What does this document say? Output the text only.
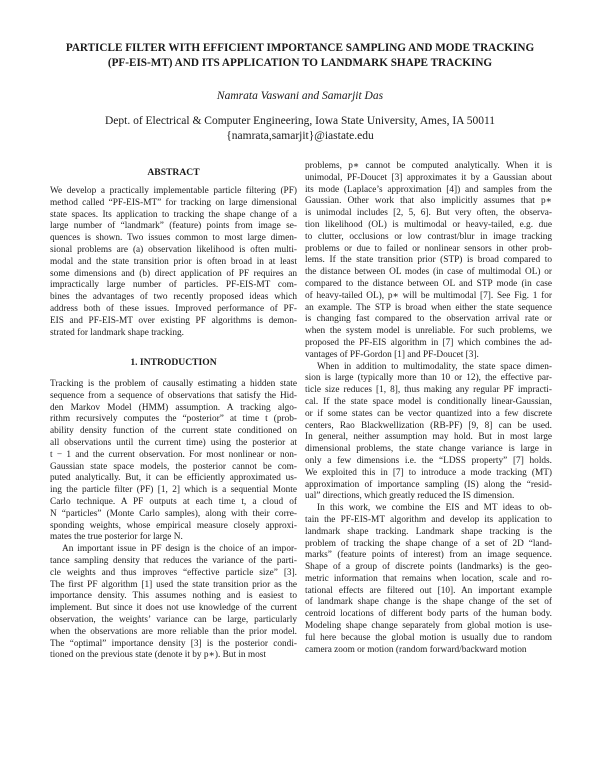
PARTICLE FILTER WITH EFFICIENT IMPORTANCE SAMPLING AND MODE TRACKING
(PF-EIS-MT) AND ITS APPLICATION TO LANDMARK SHAPE TRACKING
Namrata Vaswani and Samarjit Das
Dept. of Electrical & Computer Engineering, Iowa State University, Ames, IA 50011
{namrata,samarjit}@iastate.edu
ABSTRACT
We develop a practically implementable particle filtering (PF)
method called “PF-EIS-MT” for tracking on large dimensional
state spaces. Its application to tracking the shape change of a
large number of “landmark” (feature) points from image se-
quences is shown. Two issues common to most large dimen-
sional problems are (a) observation likelihood is often multi-
modal and the state transition prior is often broad in at least
some dimensions and (b) direct application of PF requires an
impractically large number of particles. PF-EIS-MT com-
bines the advantages of two recently proposed ideas which
address both of these issues. Improved performance of PF-
EIS and PF-EIS-MT over existing PF algorithms is demon-
strated for landmark shape tracking.
1. INTRODUCTION
Tracking is the problem of causally estimating a hidden state
sequence from a sequence of observations that satisfy the Hid-
den Markov Model (HMM) assumption. A tracking algo-
rithm recursively computes the “posterior” at time t (prob-
ability density function of the current state conditioned on
all observations until the current time) using the posterior at
t − 1 and the current observation. For most nonlinear or non-
Gaussian state space models, the posterior cannot be com-
puted analytically. But, it can be efficiently approximated us-
ing the particle filter (PF) [1, 2] which is a sequential Monte
Carlo technique. A PF outputs at each time t, a cloud of
N “particles” (Monte Carlo samples), along with their corre-
sponding weights, whose empirical measure closely approxi-
mates the true posterior for large N.
An important issue in PF design is the choice of an impor-
tance sampling density that reduces the variance of the parti-
cle weights and thus improves “effective particle size” [3].
The first PF algorithm [1] used the state transition prior as the
importance density. This assumes nothing and is easiest to
implement. But since it does not use knowledge of the current
observation, the weights’ variance can be large, particularly
when the observations are more reliable than the prior model.
The “optimal” importance density [3] is the posterior condi-
tioned on the previous state (denote it by p∗). But in most
problems, p∗ cannot be computed analytically. When it is
unimodal, PF-Doucet [3] approximates it by a Gaussian about
its mode (Laplace’s approximation [4]) and samples from the
Gaussian. Other work that also implicitly assumes that p∗
is unimodal includes [2, 5, 6]. But very often, the observa-
tion likelihood (OL) is multimodal or heavy-tailed, e.g. due
to clutter, occlusions or low contrast/blur in image tracking
problems or due to failed or nonlinear sensors in other prob-
lems. If the state transition prior (STP) is broad compared to
the distance between OL modes (in case of multimodal OL) or
compared to the distance between OL and STP mode (in case
of heavy-tailed OL), p∗ will be multimodal [7]. See Fig. 1 for
an example. The STP is broad when either the state sequence
is changing fast compared to the observation arrival rate or
when the system model is unreliable. For such problems, we
proposed the PF-EIS algorithm in [7] which combines the ad-
vantages of PF-Gordon [1] and PF-Doucet [3].
When in addition to multimodality, the state space dimen-
sion is large (typically more than 10 or 12), the effective par-
ticle size reduces [1, 8], thus making any regular PF impracti-
cal. If the state space model is conditionally linear-Gaussian,
or if some states can be vector quantized into a few discrete
centers, Rao Blackwellization (RB-PF) [9, 8] can be used.
In general, neither assumption may hold. But in most large
dimensional problems, the state change variance is large in
only a few dimensions i.e. the “LDSS property” [7] holds.
We exploited this in [7] to introduce a mode tracking (MT)
approximation of importance sampling (IS) along the “resid-
ual” directions, which greatly reduced the IS dimension.
In this work, we combine the EIS and MT ideas to ob-
tain the PF-EIS-MT algorithm and develop its application to
landmark shape tracking. Landmark shape tracking is the
problem of tracking the shape change of a set of 2D “land-
marks” (feature points of interest) from an image sequence.
Shape of a group of discrete points (landmarks) is the geo-
metric information that remains when location, scale and ro-
tational effects are filtered out [10]. An important example
of landmark shape change is the shape change of the set of
centroid locations of different body parts of the human body.
Modeling shape change separately from global motion is use-
ful here because the global motion is usually due to random
camera zoom or motion (random forward/backward motion
